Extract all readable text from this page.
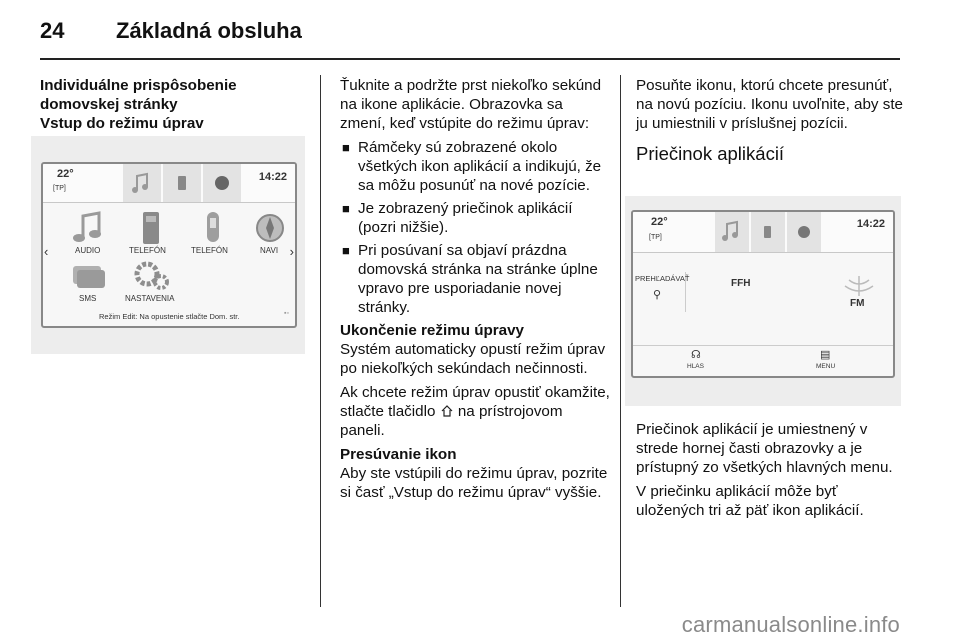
24 Základná obsluha
Individuálne prispôsobenie domovskej stránky
Vstup do režimu úprav
22°
[TP]
14:22
‹	›
AUDIO	TELEFÓN	TELEFÓN	NAVI
SMS	NASTAVENIA
Režim Edit: Na opustenie stlačte Dom. str.	▪▫

Ťuknite a podržte prst niekoľko sekúnd na ikone aplikácie. Obrazovka sa zmení, keď vstúpite do režimu úprav:

■ Rámčeky sú zobrazené okolo všetkých ikon aplikácií a indikujú, že sa môžu posunúť na nové pozície.
■ Je zobrazený priečinok aplikácií (pozri nižšie).
■ Pri posúvaní sa objaví prázdna domovská stránka na stránke úplne vpravo pre usporiadanie novej stránky.
Ukončenie režimu úpravy

Systém automaticky opustí režim úprav po niekoľkých sekúndach nečinnosti.

Ak chcete režim úprav opustiť okamžite, stlačte tlačidlo na prístrojovom paneli.

Presúvanie ikon

Aby ste vstúpili do režimu úprav, pozrite si časť „Vstup do režimu úprav“ vyššie.

Posuňte ikonu, ktorú chcete presunúť, na novú pozíciu. Ikonu uvoľnite, aby ste ju umiestnili v príslušnej pozícii.

Priečinok aplikácií
22°
[TP]
14:22
PREHĽADÁVAŤ
⚲
FFH
FM
☊
HLAS
▤
MENU

Priečinok aplikácií je umiestnený v strede hornej časti obrazovky a je prístupný zo všetkých hlavných menu.

V priečinku aplikácií môže byť uložených tri až päť ikon aplikácií.

carmanualsonline.info
